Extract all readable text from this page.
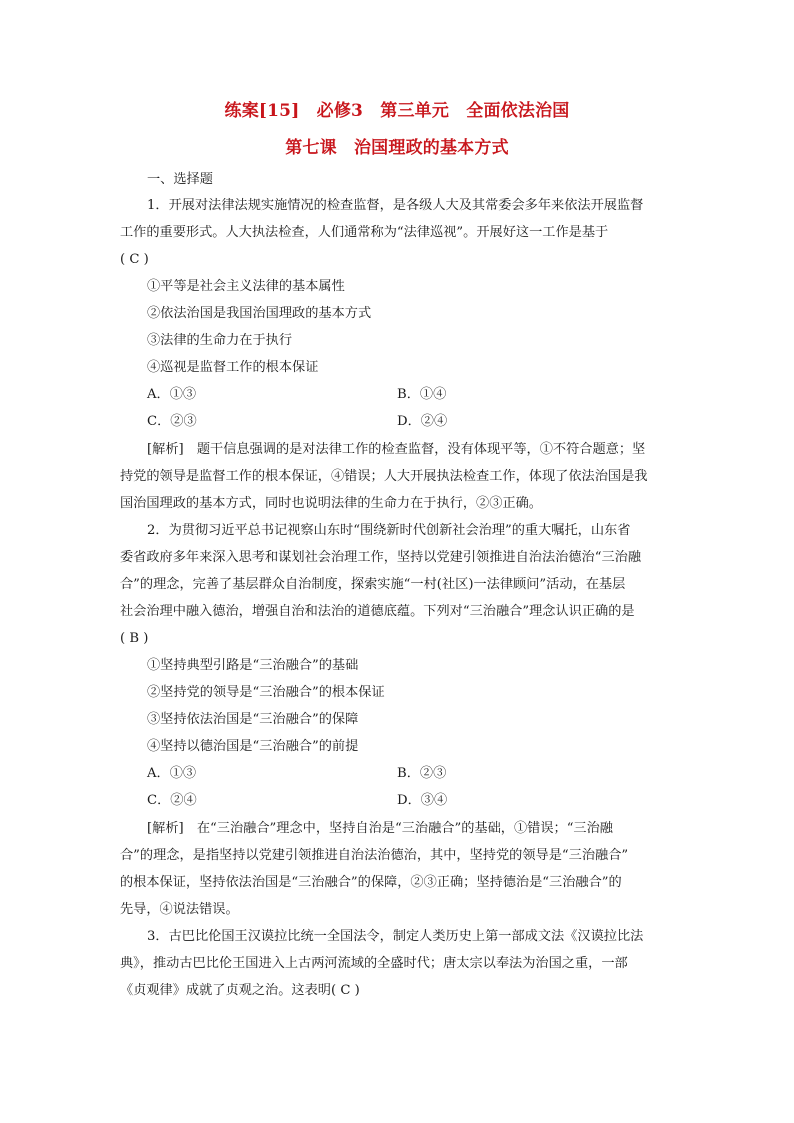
练案[15]　必修3　第三单元　全面依法治国
第七课　治国理政的基本方式
一、选择题
1．开展对法律法规实施情况的检查监督，是各级人大及其常委会多年来依法开展监督
工作的重要形式。人大执法检查，人们通常称为“法律巡视”。开展好这一工作是基于
( C )
①平等是社会主义法律的基本属性
②依法治国是我国治国理政的基本方式
③法律的生命力在于执行
④巡视是监督工作的根本保证
A．①③	B．①④
C．②③	D．②④
[解析]　题干信息强调的是对法律工作的检查监督，没有体现平等，①不符合题意；坚
持党的领导是监督工作的根本保证，④错误；人大开展执法检查工作，体现了依法治国是我
国治国理政的基本方式，同时也说明法律的生命力在于执行，②③正确。
2．为贯彻习近平总书记视察山东时“围绕新时代创新社会治理”的重大嘱托，山东省
委省政府多年来深入思考和谋划社会治理工作，坚持以党建引领推进自治法治德治“三治融
合”的理念，完善了基层群众自治制度，探索实施“一村(社区)一法律顾问”活动，在基层
社会治理中融入德治，增强自治和法治的道德底蕴。下列对“三治融合”理念认识正确的是
( B )
①坚持典型引路是“三治融合”的基础
②坚持党的领导是“三治融合”的根本保证
③坚持依法治国是“三治融合”的保障
④坚持以德治国是“三治融合”的前提
A．①③	B．②③
C．②④	D．③④
[解析]　在“三治融合”理念中，坚持自治是“三治融合”的基础，①错误；“三治融
合”的理念，是指坚持以党建引领推进自治法治德治，其中，坚持党的领导是“三治融合”
的根本保证，坚持依法治国是“三治融合”的保障，②③正确；坚持德治是“三治融合”的
先导，④说法错误。
3．古巴比伦国王汉谟拉比统一全国法令，制定人类历史上第一部成文法《汉谟拉比法
典》，推动古巴比伦王国进入上古两河流域的全盛时代；唐太宗以奉法为治国之重，一部
《贞观律》成就了贞观之治。这表明( C )
